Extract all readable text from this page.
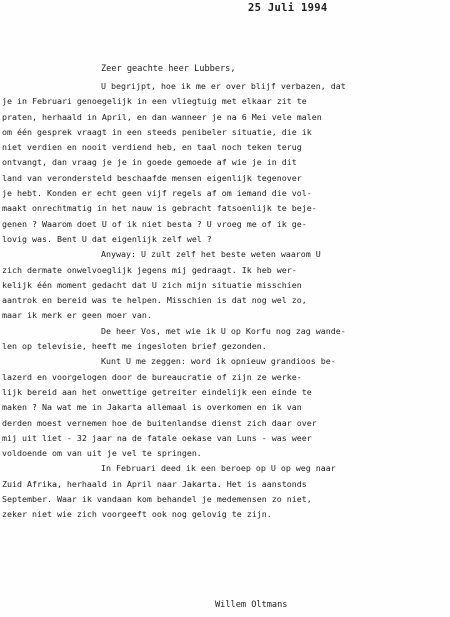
25 Juli 1994
Zeer geachte heer Lubbers,
U begrijpt, hoe ik me er over blijf verbazen, dat
je in Februari genoegelijk in een vliegtuig met elkaar zit te
praten, herhaald in April, en dan wanneer je na 6 Mei vele malen
om één gesprek vraagt in een steeds penibeler situatie, die ik
niet verdien en nooit verdiend heb, en taal noch teken terug
ontvangt, dan vraag je je in goede gemoede af wie je in dit
land van verondersteld beschaafde mensen eigenlijk tegenover
je hebt. Konden er echt geen vijf regels af om iemand die vol-
maakt onrechtmatig in het nauw is gebracht fatsoenlijk te beje-
genen ? Waarom doet U of ik niet besta ? U vroeg me of ik ge-
lovig was. Bent U dat eigenlijk zelf wel ?
Anyway: U zult zelf het beste weten waarom U
zich dermate onwelvoeglijk jegens mij gedraagt. Ik heb wer-
kelijk één moment gedacht dat U zich mijn situatie misschien
aantrok en bereid was te helpen. Misschien is dat nog wel zo,
maar ik merk er geen moer van.
De heer Vos, met wie ik U op Korfu nog zag wande-
len op televisie, heeft me ingesloten brief gezonden.
Kunt U me zeggen: word ik opnieuw grandioos be-
lazerd en voorgelogen door de bureaucratie of zijn ze werke-
lijk bereid aan het onwettige getreiter eindelijk een einde te
maken ? Na wat me in Jakarta allemaal is overkomen en ik van
derden moest vernemen hoe de buitenlandse dienst zich daar over
mij uit liet - 32 jaar na de fatale oekase van Luns - was weer
voldoende om van uit je vel te springen.
In Februari deed ik een beroep op U op weg naar
Zuid Afrika, herhaald in April naar Jakarta. Het is aanstonds
September. Waar ik vandaan kom behandel je medemensen zo niet,
zeker niet wie zich voorgeeft ook nog gelovig te zijn.
Willem Oltmans
